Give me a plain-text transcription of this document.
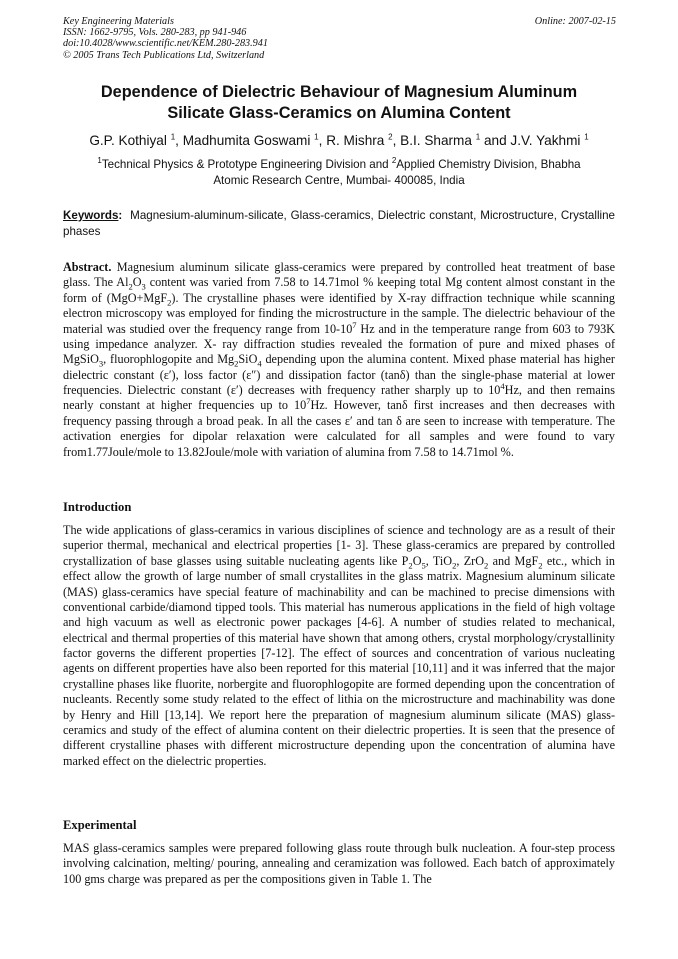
Key Engineering Materials
ISSN: 1662-9795, Vols. 280-283, pp 941-946
doi:10.4028/www.scientific.net/KEM.280-283.941
© 2005 Trans Tech Publications Ltd, Switzerland
Online: 2007-02-15
Dependence of Dielectric Behaviour of Magnesium Aluminum
Silicate Glass-Ceramics on Alumina Content
G.P. Kothiyal $^1$, Madhumita Goswami $^1$, R. Mishra $^2$, B.I. Sharma $^1$ and J.V. Yakhmi $^1$
$^1$Technical Physics & Prototype Engineering Division and $^2$Applied Chemistry Division, Bhabha
Atomic Research Centre, Mumbai- 400085, India
Keywords: Magnesium-aluminum-silicate, Glass-ceramics, Dielectric constant, Microstructure, Crystalline phases

Abstract. Magnesium aluminum silicate glass-ceramics were prepared by controlled heat treatment of base glass. The $Al_2O_3$ content was varied from 7.58 to 14.71mol % keeping total Mg content almost constant in the form of (MgO+MgF$_2$). The crystalline phases were identified by X-ray diffraction technique while scanning electron microscopy was employed for finding the microstructure in the sample. The dielectric behaviour of the material was studied over the frequency range from $10-10^7$ Hz and in the temperature range from 603 to 793K using impedance analyzer. X- ray diffraction studies revealed the formation of pure and mixed phases of MgSiO$_3$, fluorophlogopite and $Mg_2SiO_4$ depending upon the alumina content. Mixed phase material has higher dielectric constant (ε′), loss factor (ε″) and dissipation factor (tanδ) than the single-phase material at lower frequencies. Dielectric constant (ε′) decreases with frequency rather sharply up to $10^4Hz$, and then remains nearly constant at higher frequencies up to $10^7Hz$. However, tanδ first increases and then decreases with frequency passing through a broad peak. In all the cases ε′ and tan δ are seen to increase with temperature. The activation energies for dipolar relaxation were calculated for all samples and were found to vary from1.77Joule/mole to 13.82Joule/mole with variation of alumina from 7.58 to 14.71mol %.

Introduction

The wide applications of glass-ceramics in various disciplines of science and technology are as a result of their superior thermal, mechanical and electrical properties [1- 3]. These glass-ceramics are prepared by controlled crystallization of base glasses using suitable nucleating agents like $P_2O_5$, TiO$_2$, ZrO$_2$ and MgF$_2$ etc., which in effect allow the growth of large number of small crystallites in the glass matrix. Magnesium aluminum silicate (MAS) glass-ceramics have special feature of machinability and can be machined to precise dimensions with conventional carbide/diamond tipped tools. This material has numerous applications in the field of high voltage and high vacuum as well as electronic power packages [4-6]. A number of studies related to mechanical, electrical and thermal properties of this material have shown that among others, crystal morphology/crystallinity factor governs the different properties [7-12]. The effect of sources and concentration of various nucleating agents on different properties have also been reported for this material [10,11] and it was inferred that the major crystalline phases like fluorite, norbergite and fluorophlogopite are formed depending upon the concentration of nucleants. Recently some study related to the effect of lithia on the microstructure and machinability was done by Henry and Hill [13,14]. We report here the preparation of magnesium aluminum silicate (MAS) glass-ceramics and study of the effect of alumina content on their dielectric properties. It is seen that the presence of different crystalline phases with different microstructure depending upon the concentration of alumina have marked effect on the dielectric properties.

Experimental

MAS glass-ceramics samples were prepared following glass route through bulk nucleation. A four-step process involving calcination, melting/ pouring, annealing and ceramization was followed. Each batch of approximately 100 gms charge was prepared as per the compositions given in Table 1. The
